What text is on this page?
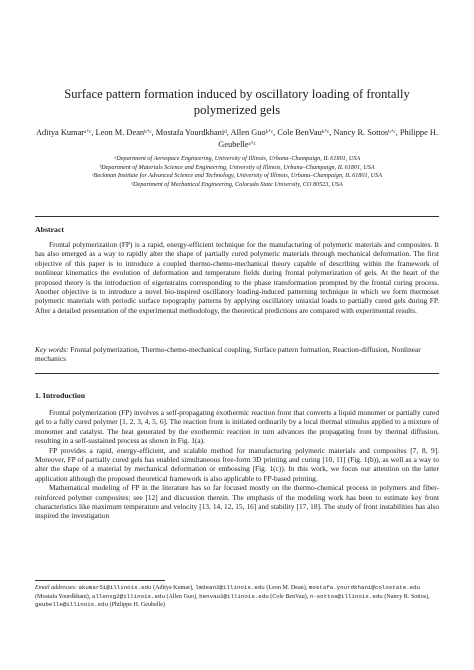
Surface pattern formation induced by oscillatory loading of frontally polymerized gels
Aditya Kumarᵃʼᶜ, Leon M. Deanᵇʼᶜ, Mostafa Yourdkhaniᵈ, Allen Guoᵇʼᶜ, Cole BenVauᵇʼᶜ, Nancy R. Sottosᵇʼᶜ, Philippe H. Geubelleᵃʼᶜ
ᵃDepartment of Aerospace Engineering, University of Illinois, Urbana–Champaign, IL 61801, USA
ᵇDepartment of Materials Science and Engineering, University of Illinois, Urbana–Champaign, IL 61801, USA
ᶜBeckman Institute for Advanced Science and Technology, University of Illinois, Urbana–Champaign, IL 61801, USA
ᵈDepartment of Mechanical Engineering, Colorado State University, CO 80523, USA
Abstract
Frontal polymerization (FP) is a rapid, energy-efficient technique for the manufacturing of polymeric materials and composites. It has also emerged as a way to rapidly alter the shape of partially cured polymeric materials through mechanical deformation. The first objective of this paper is to introduce a coupled thermo-chemo-mechanical theory capable of describing within the framework of nonlinear kinematics the evolution of deformation and temperature fields during frontal polymerization of gels. At the heart of the proposed theory is the introduction of eigenstrains corresponding to the phase transformation prompted by the frontal curing process. Another objective is to introduce a novel bio-inspired oscillatory loading-induced patterning technique in which we form thermoset polymeric materials with periodic surface topography patterns by applying oscillatory uniaxial loads to partially cured gels during FP. After a detailed presentation of the experimental methodology, the theoretical predictions are compared with experimental results.
Key words: Frontal polymerization, Thermo-chemo-mechanical coupling, Surface pattern formation, Reaction-diffusion, Nonlinear mechanics
1. Introduction

Frontal polymerization (FP) involves a self-propagating exothermic reaction front that converts a liquid monomer or partially cured gel to a fully cured polymer [1, 2, 3, 4, 5, 6]. The reaction front is initiated ordinarily by a local thermal stimulus applied to a mixture of monomer and catalyst. The heat generated by the exothermic reaction in turn advances the propagating front by thermal diffusion, resulting in a self-sustained process as shown in Fig. 1(a).

FP provides a rapid, energy-efficient, and scalable method for manufacturing polymeric materials and composites [7, 8, 9]. Moreover, FP of partially cured gels has enabled simultaneous free-form 3D printing and curing [10, 11] (Fig. 1(b)), as well as a way to alter the shape of a material by mechanical deformation or embossing [Fig. 1(c)). In this work, we focus our attention on the latter application although the proposed theoretical framework is also applicable to FP-based printing.

Mathematical modeling of FP in the literature has so far focused mostly on the thermo-chemical process in polymers and fiber-reinforced polymer composites; see [12] and discussion therein. The emphasis of the modeling work has been to estimate key front characteristics like maximum temperature and velocity [13, 14, 12, 15, 16] and stability [17, 18]. The study of front instabilities has also inspired the investigation

Email addresses: akumar51@illinois.edu (Aditya Kumar), lmdean2@illinois.edu (Leon M. Dean), mostafa.yourdkhani@colostate.edu (Mostafa Yourdkhani), allenxg2@illinois.edu (Allen Guo), benvau2@illinois.edu (Cole BenVau), n-sottos@illinois.edu (Nancy R. Sottos), geubelle@illinois.edu (Philippe H. Geubelle)
